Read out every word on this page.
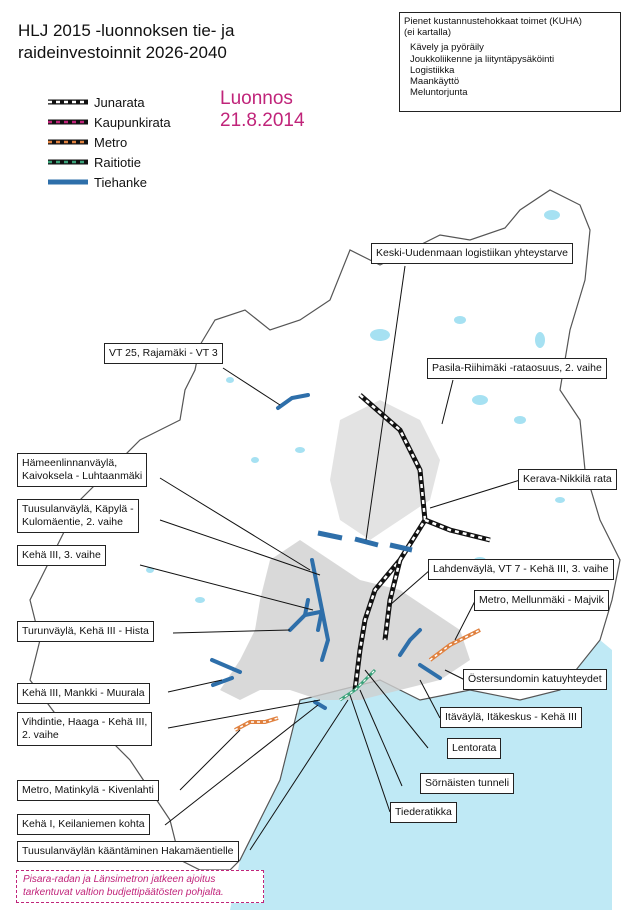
HLJ 2015 -luonnoksen tie- ja
raideinvestoinnit 2026-2040
Junarata
Kaupunkirata
Metro
Raitiotie
Tiehanke
Luonnos
21.8.2014
Pienet kustannustehokkaat toimet (KUHA)
(ei kartalla)
Kävely ja pyöräily
Joukkoliikenne ja liityntäpysäköinti
Logistiikka
Maankäyttö
Meluntorjunta
Keski-Uudenmaan logistiikan yhteystarve
VT 25, Rajamäki - VT 3
Pasila-Riihimäki -rataosuus, 2. vaihe
Hämeenlinnanväylä,
Kaivoksela - Luhtaanmäki	Kerava-Nikkilä rata
Tuusulanväylä, Käpylä -
Kulomäentie, 2. vaihe
Kehä III, 3. vaihe
Lahdenväylä, VT 7 - Kehä III, 3. vaihe
Metro, Mellunmäki - Majvik
Turunväylä, Kehä III - Hista
Östersundomin katuyhteydet
Kehä III, Mankki - Muurala
Itäväylä, Itäkeskus - Kehä III
Vihdintie, Haaga - Kehä III,
2. vaihe
Lentorata
Sörnäisten tunneli
Metro, Matinkylä - Kivenlahti
Tiederatikka
Kehä I, Keilaniemen kohta
Tuusulanväylän kääntäminen Hakamäentielle
Pisara-radan ja Länsimetron jatkeen ajoitus
tarkentuvat valtion budjettipäätösten pohjalta.
